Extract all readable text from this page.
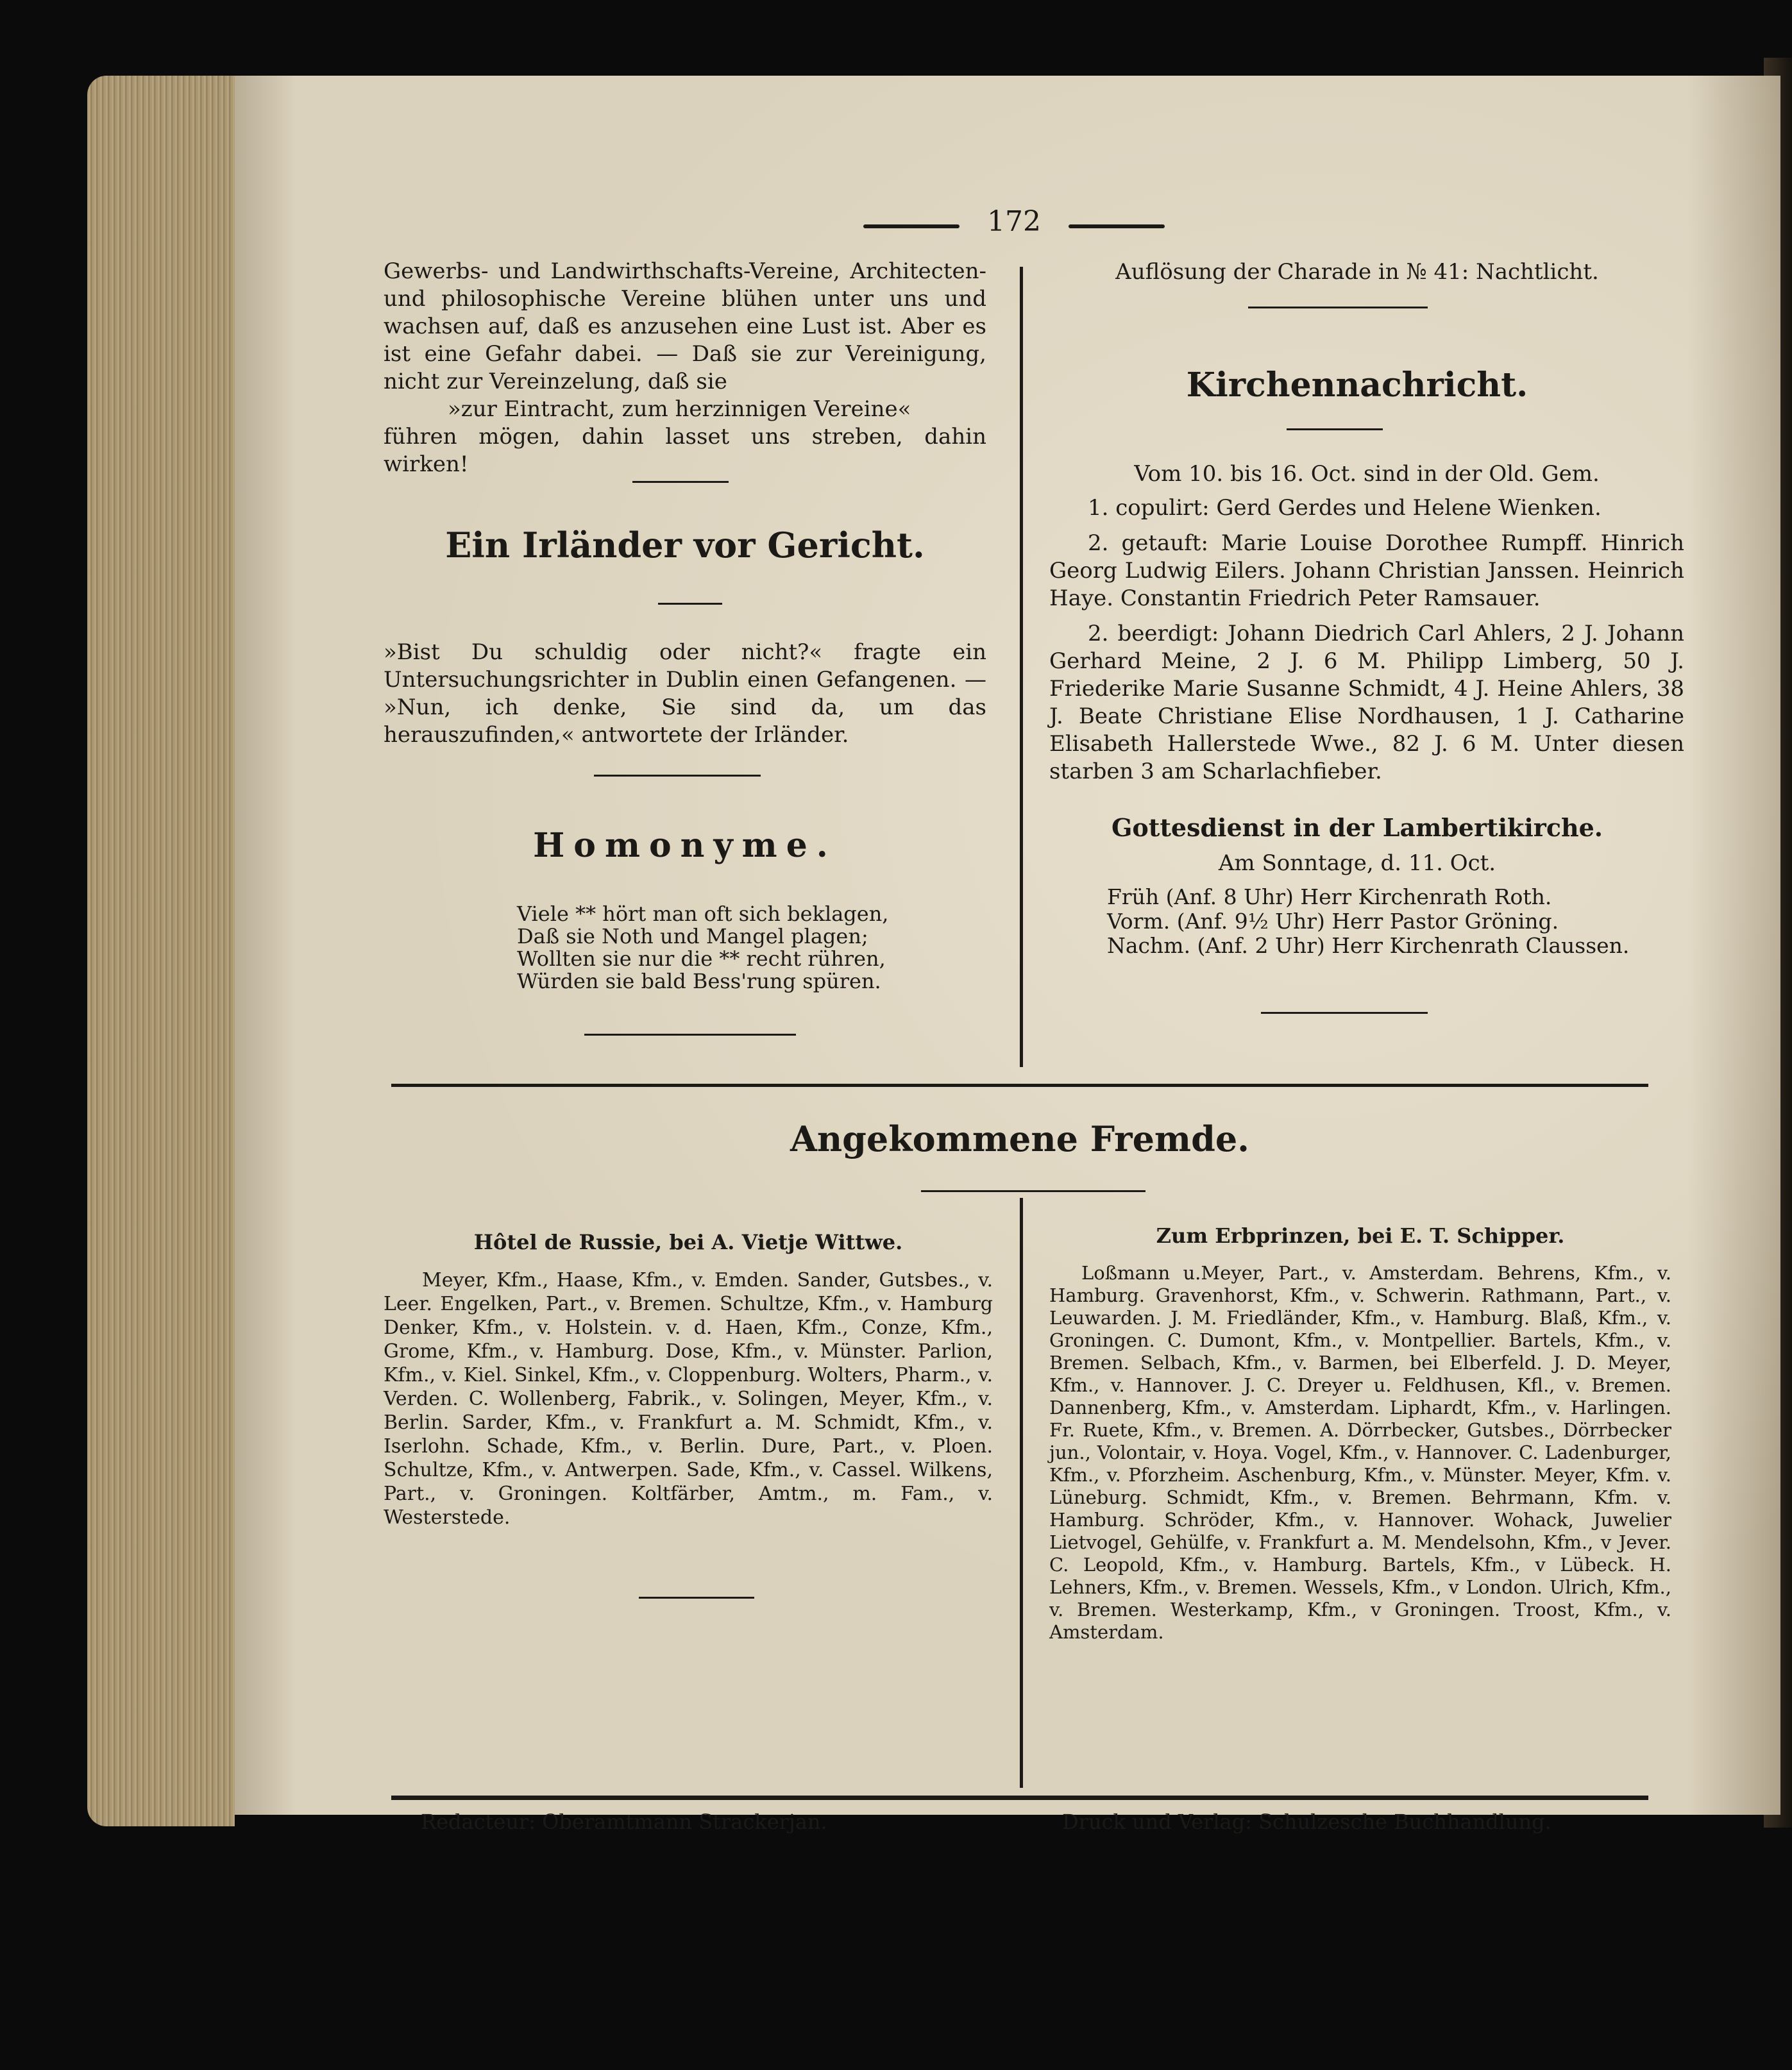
172

Gewerbs- und Landwirthschafts-Vereine, Architecten- und philosophische Vereine blühen unter uns und wachsen auf, daß es anzusehen eine Lust ist. Aber es ist eine Gefahr dabei. — Daß sie zur Vereinigung, nicht zur Vereinzelung, daß sie

»zur Eintracht, zum herzinnigen Vereine«

führen mögen, dahin lasset uns streben, dahin wirken!

Ein Irländer vor Gericht.
»Bist Du schuldig oder nicht?« fragte ein Untersuchungsrichter in Dublin einen Gefangenen. — »Nun, ich denke, Sie sind da, um das herauszufinden,« antwortete der Irländer.
Homonyme.
Viele ** hört man oft sich beklagen,
Daß sie Noth und Mangel plagen;
Wollten sie nur die ** recht rühren,
Würden sie bald Bess'rung spüren.
Auflösung der Charade in № 41: Nachtlicht.
Kirchennachricht.

Vom 10. bis 16. Oct. sind in der Old. Gem.

1. copulirt: Gerd Gerdes und Helene Wienken.

2. getauft: Marie Louise Dorothee Rumpff. Hinrich Georg Ludwig Eilers. Johann Christian Janssen. Heinrich Haye. Constantin Friedrich Peter Ramsauer.

2. beerdigt: Johann Diedrich Carl Ahlers, 2 J. Johann Gerhard Meine, 2 J. 6 M. Philipp Limberg, 50 J. Friederike Marie Susanne Schmidt, 4 J. Heine Ahlers, 38 J. Beate Christiane Elise Nordhausen, 1 J. Catharine Elisabeth Hallerstede Wwe., 82 J. 6 M. Unter diesen starben 3 am Scharlachfieber.

Gottesdienst in der Lambertikirche.
Am Sonntage, d. 11. Oct.
Früh (Anf. 8 Uhr) Herr Kirchenrath Roth.
Vorm. (Anf. 9½ Uhr) Herr Pastor Gröning.
Nachm. (Anf. 2 Uhr) Herr Kirchenrath Claussen.
Angekommene Fremde.
Hôtel de Russie, bei A. Vietje Wittwe.
Meyer, Kfm., Haase, Kfm., v. Emden. Sander, Gutsbes., v. Leer. Engelken, Part., v. Bremen. Schultze, Kfm., v. Hamburg Denker, Kfm., v. Holstein. v. d. Haen, Kfm., Conze, Kfm., Grome, Kfm., v. Hamburg. Dose, Kfm., v. Münster. Parlion, Kfm., v. Kiel. Sinkel, Kfm., v. Cloppenburg. Wolters, Pharm., v. Verden. C. Wollenberg, Fabrik., v. Solingen, Meyer, Kfm., v. Berlin. Sarder, Kfm., v. Frankfurt a. M. Schmidt, Kfm., v. Iserlohn. Schade, Kfm., v. Berlin. Dure, Part., v. Ploen. Schultze, Kfm., v. Antwerpen. Sade, Kfm., v. Cassel. Wilkens, Part., v. Groningen. Koltfärber, Amtm., m. Fam., v. Westerstede.
Zum Erbprinzen, bei E. T. Schipper.
Loßmann u.Meyer, Part., v. Amsterdam. Behrens, Kfm., v. Hamburg. Gravenhorst, Kfm., v. Schwerin. Rathmann, Part., v. Leuwarden. J. M. Friedländer, Kfm., v. Hamburg. Blaß, Kfm., v. Groningen. C. Dumont, Kfm., v. Montpellier. Bartels, Kfm., v. Bremen. Selbach, Kfm., v. Barmen, bei Elberfeld. J. D. Meyer, Kfm., v. Hannover. J. C. Dreyer u. Feldhusen, Kfl., v. Bremen. Dannenberg, Kfm., v. Amsterdam. Liphardt, Kfm., v. Harlingen. Fr. Ruete, Kfm., v. Bremen. A. Dörrbecker, Gutsbes., Dörrbecker jun., Volontair, v. Hoya. Vogel, Kfm., v. Hannover. C. Ladenburger, Kfm., v. Pforzheim. Aschenburg, Kfm., v. Münster. Meyer, Kfm. v. Lüneburg. Schmidt, Kfm., v. Bremen. Behrmann, Kfm. v. Hamburg. Schröder, Kfm., v. Hannover. Wohack, Juwelier Lietvogel, Gehülfe, v. Frankfurt a. M. Mendelsohn, Kfm., v Jever. C. Leopold, Kfm., v. Hamburg. Bartels, Kfm., v Lübeck. H. Lehners, Kfm., v. Bremen. Wessels, Kfm., v London. Ulrich, Kfm., v. Bremen. Westerkamp, Kfm., v Groningen. Troost, Kfm., v. Amsterdam.
Redacteur: Oberamtmann Strackerjan.	Druck und Verlag: Schulzesche Buchhandlung.
